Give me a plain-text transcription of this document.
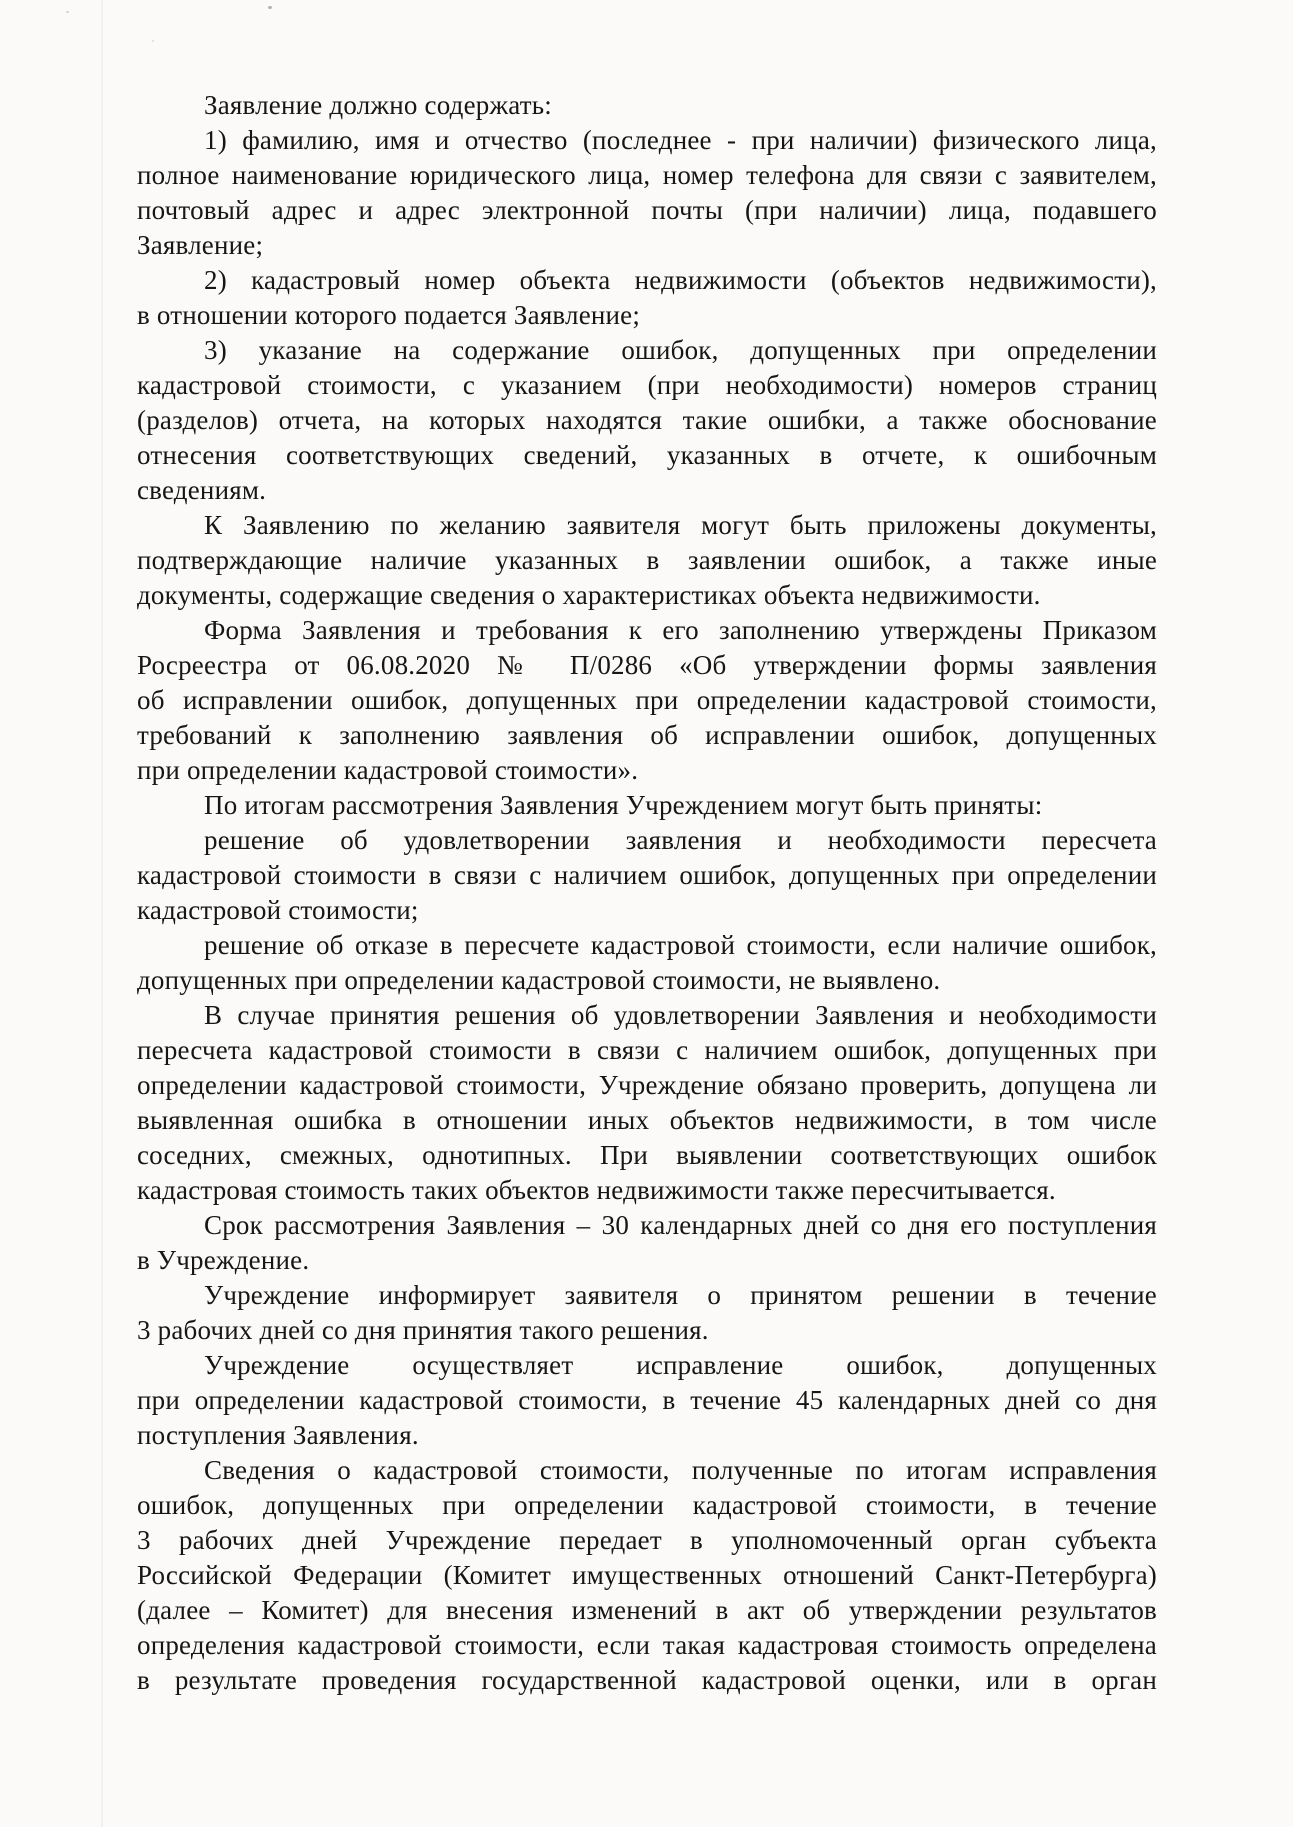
Заявление должно содержать:
1) фамилию, имя и отчество (последнее - при наличии) физического лица,
полное наименование юридического лица, номер телефона для связи с заявителем,
почтовый адрес и адрес электронной почты (при наличии) лица, подавшего
Заявление;
2) кадастровый номер объекта недвижимости (объектов недвижимости),
в отношении которого подается Заявление;
3) указание на содержание ошибок, допущенных при определении
кадастровой стоимости, с указанием (при необходимости) номеров страниц
(разделов) отчета, на которых находятся такие ошибки, а также обоснование
отнесения соответствующих сведений, указанных в отчете, к ошибочным
сведениям.
К Заявлению по желанию заявителя могут быть приложены документы,
подтверждающие наличие указанных в заявлении ошибок, а также иные
документы, содержащие сведения о характеристиках объекта недвижимости.
Форма Заявления и требования к его заполнению утверждены Приказом
Росреестра от 06.08.2020 № П/0286 «Об утверждении формы заявления
об исправлении ошибок, допущенных при определении кадастровой стоимости,
требований к заполнению заявления об исправлении ошибок, допущенных
при определении кадастровой стоимости».
По итогам рассмотрения Заявления Учреждением могут быть приняты:
решение об удовлетворении заявления и необходимости пересчета
кадастровой стоимости в связи с наличием ошибок, допущенных при определении
кадастровой стоимости;
решение об отказе в пересчете кадастровой стоимости, если наличие ошибок,
допущенных при определении кадастровой стоимости, не выявлено.
В случае принятия решения об удовлетворении Заявления и необходимости
пересчета кадастровой стоимости в связи с наличием ошибок, допущенных при
определении кадастровой стоимости, Учреждение обязано проверить, допущена ли
выявленная ошибка в отношении иных объектов недвижимости, в том числе
соседних, смежных, однотипных. При выявлении соответствующих ошибок
кадастровая стоимость таких объектов недвижимости также пересчитывается.
Срок рассмотрения Заявления – 30 календарных дней со дня его поступления
в Учреждение.
Учреждение информирует заявителя о принятом решении в течение
3 рабочих дней со дня принятия такого решения.
Учреждение осуществляет исправление ошибок, допущенных
при определении кадастровой стоимости, в течение 45 календарных дней со дня
поступления Заявления.
Сведения о кадастровой стоимости, полученные по итогам исправления
ошибок, допущенных при определении кадастровой стоимости, в течение
3 рабочих дней Учреждение передает в уполномоченный орган субъекта
Российской Федерации (Комитет имущественных отношений Санкт-Петербурга)
(далее – Комитет) для внесения изменений в акт об утверждении результатов
определения кадастровой стоимости, если такая кадастровая стоимость определена
в результате проведения государственной кадастровой оценки, или в орган
